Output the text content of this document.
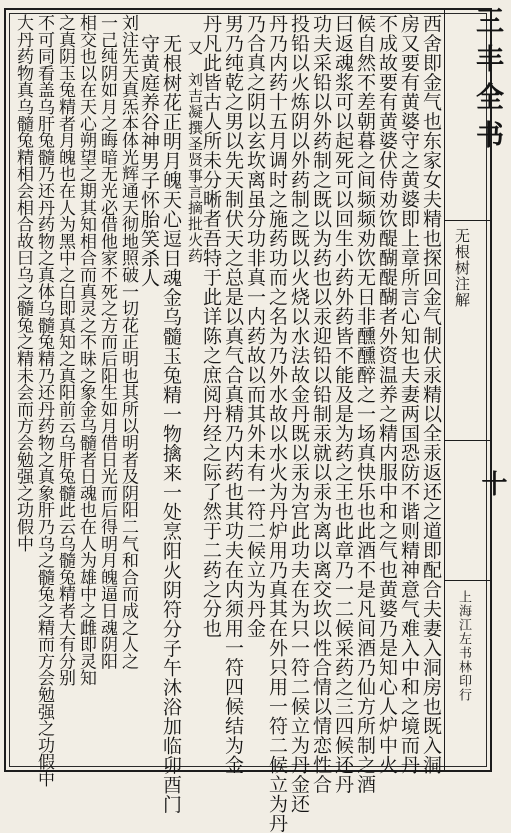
西舍即金气也东家女夫精也探回金气制伏汞精以全汞返还之道即配合夫妻入洞房也既入洞
房又要有黄婆守之黄婆即上章所言心知也夫妻两国恐防不谐则精神意气难入中和之境而丹
不成故要有黄婆伏侍劝饮醍醐醍醐者外资温养之精内服中和之气也黄婆乃是知心人炉中火
候自然不差朝暮之间频频劝饮无日非醺醺醉之一场真快乐也此酒不是凡间酒乃仙方所制之酒
曰返魂浆可以起死可以回生小药外药皆不能及是为药之王也此章乃一二候采药之三四候还丹
功夫采铅以外药制之既以为药也以汞迎铅以铅制汞就以汞为离以离交坎以性合情以情恋性合
投铅以火炼阴以外药制之既以火烧以水法故金丹既以汞为宫此功夫在为只一符二候立为丹金还
丹乃内药十五月调时之施药功而之名为乃外水故以水火为丹炉用乃真其在外只用一符二候立为丹
乃合真之阴以玄坎离虽分功非真一内药故以而其外未有一符二候立为丹金
男乃纯乾之男以先天制伏天之总是以真气合真精乃内药也其功夫在内须用一符四候结为金
丹凡此皆古人所未分晰者吾特于此详陈之庶阅丹经之际了然于二药之分也
又　刘吉凝撰圣贤事言摘批火药
无根树花正明月魄天心逗日魂金乌髓玉兔精一物擒来一处烹阳火阴符分子午沐浴加临卯酉门
守黄庭养谷神男子怀胎笑杀人
刘注先天真炁本体光辉通天彻地照破一切花正明也其所以明者及阴阳二气和合而成之人之
一己纯阴如月之晦暗无光必借他家不死之方而后阳生如月借日光而后得明月魄逼日魂阴阳
相交也以在天心朔望之期其知相合而真灵之不昧之象金乌髓者日魂也在人为雄中之雌即灵知
之真阴玉兔精者月魄也在人为黑中之白即真知之真阳前云乌肝兔髓此云乌髓兔精者大有分别
不可同看盖乌肝兔髓乃还丹药物之真体乌髓兔精乃还丹药物之真象肝乃乌之髓兔之精而方会勉强之功假中
大丹药物真乌髓兔精相会相合故曰乌之髓兔之精未会而方会勉强之功假中	三丰全书
无根树注解
十
上海江左书林印行
